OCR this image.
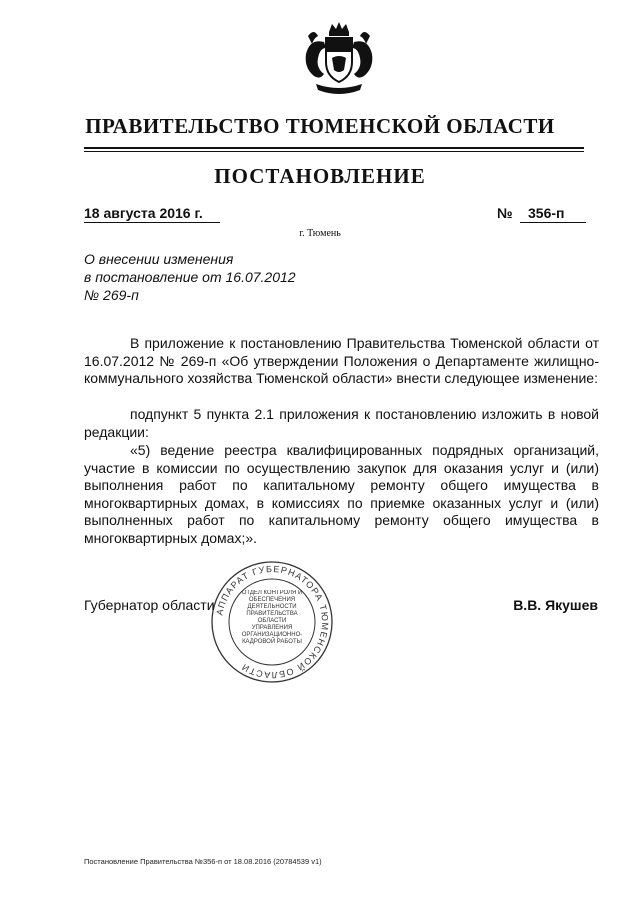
ПРАВИТЕЛЬСТВО ТЮМЕНСКОЙ ОБЛАСТИ
ПОСТАНОВЛЕНИЕ
18 августа 2016 г.	№ 356-п
г. Тюмень
О внесении изменения
в постановление от 16.07.2012
№ 269-п

В приложение к постановлению Правительства Тюменской области от 16.07.2012 № 269-п «Об утверждении Положения о Департаменте жилищно-коммунального хозяйства Тюменской области» внести следующее изменение:

подпункт 5 пункта 2.1 приложения к постановлению изложить в новой редакции:

«5) ведение реестра квалифицированных подрядных организаций, участие в комиссии по осуществлению закупок для оказания услуг и (или) выполнения работ по капитальному ремонту общего имущества в многоквартирных домах, в комиссиях по приемке оказанных услуг и (или) выполненных работ по капитальному ремонту общего имущества в многоквартирных домах;».

АППАРАТ ГУБЕРНАТОРА ТЮМЕНСКОЙ ОБЛАСТИ
ОТДЕЛ КОНТРОЛЯ И ОБЕСПЕЧЕНИЯ ДЕЯТЕЛЬНОСТИ ПРАВИТЕЛЬСТВА ОБЛАСТИ УПРАВЛЕНИЯ ОРГАНИЗАЦИОННО-КАДРОВОЙ РАБОТЫ
Губернатор области	В.В. Якушев
Постановление Правительства №356-п от 18.08.2016 (20784539 v1)
